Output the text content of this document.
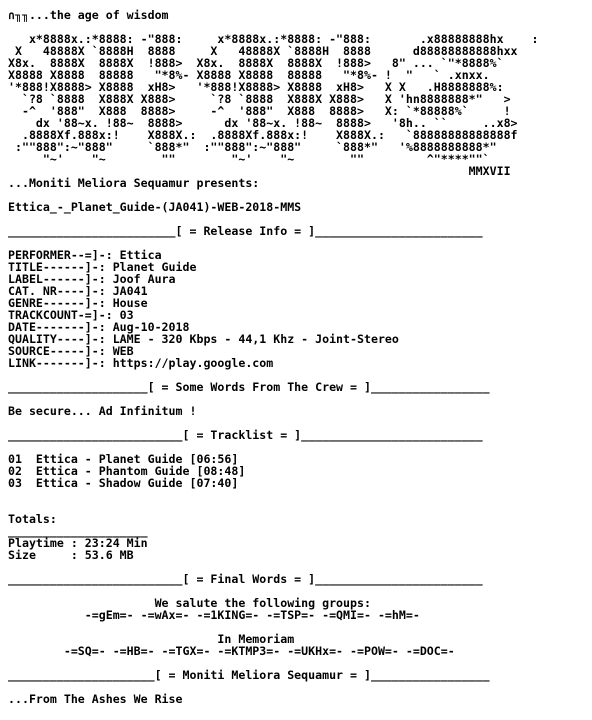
∩╖╖...the age of wisdom
x*8888x.:*8888: -"888:     x*8888x.:*8888: -"888:       .x88888888hx    :
X   48888X `8888H  8888     X   48888X `8888H  8888      d88888888888hxx
X8x.  8888X  8888X  !888>  X8x.  8888X  8888X  !888>   8" ... `"*8888%`
X8888 X8888  88888   "*8%- X8888 X8888  88888   "*8%- !  "   ` .xnxx.
'*888!X8888> X8888  xH8>   '*888!X8888> X8888  xH8>   X X   .H8888888%:
`?8 `8888  X888X X888>     `?8 `8888  X888X X888>   X 'hn8888888*"   >
-^  '888"  X888  8888>     -^  '888"  X888  8888>   X: `*88888%`     !
dx '88~x. !88~  8888>      dx '88~x. !88~  8888>   '8h.. ``     ..x8>
.8888Xf.888x:!    X888X.:  .8888Xf.888x:!    X888X.:   `88888888888888f
:""888":~"888"     `888*"  :""888":~"888"     `888*"   '%8888888888*"
"~'    "~        ""        "~'    "~        ""         ^"****""`
MMXVII
...Moniti Meliora Sequamur presents:
Ettica_-_Planet_Guide-(JA041)-WEB-2018-MMS
________________________[ = Release Info = ]________________________
PERFORMER--=]-: Ettica
TITLE------]-: Planet Guide
LABEL------]-: Joof Aura
CAT. NR----]-: JA041
GENRE------]-: House
TRACKCOUNT-=]-: 03
DATE-------]-: Aug-10-2018
QUALITY----]-: LAME - 320 Kbps - 44,1 Khz - Joint-Stereo
SOURCE-----]-: WEB
LINK-------]-: https://play.google.com
____________________[ = Some Words From The Crew = ]_________________
Be secure... Ad Infinitum !
_________________________[ = Tracklist = ]__________________________
01  Ettica - Planet Guide [06:56]
02  Ettica - Phantom Guide [08:48]
03  Ettica - Shadow Guide [07:40]
Totals:
____________________
Playtime : 23:24 Min
Size     : 53.6 MB
_________________________[ = Final Words = ]________________________
We salute the following groups:
-=gEm=- -=wAx=- -=1KING=- -=TSP=- -=QMI=- -=hM=-
In Memoriam
-=SQ=- -=HB=- -=TGX=- -=KTMP3=- -=UKHx=- -=POW=- -=DOC=-
_____________________[ = Moniti Meliora Sequamur = ]_________________
...From The Ashes We Rise
